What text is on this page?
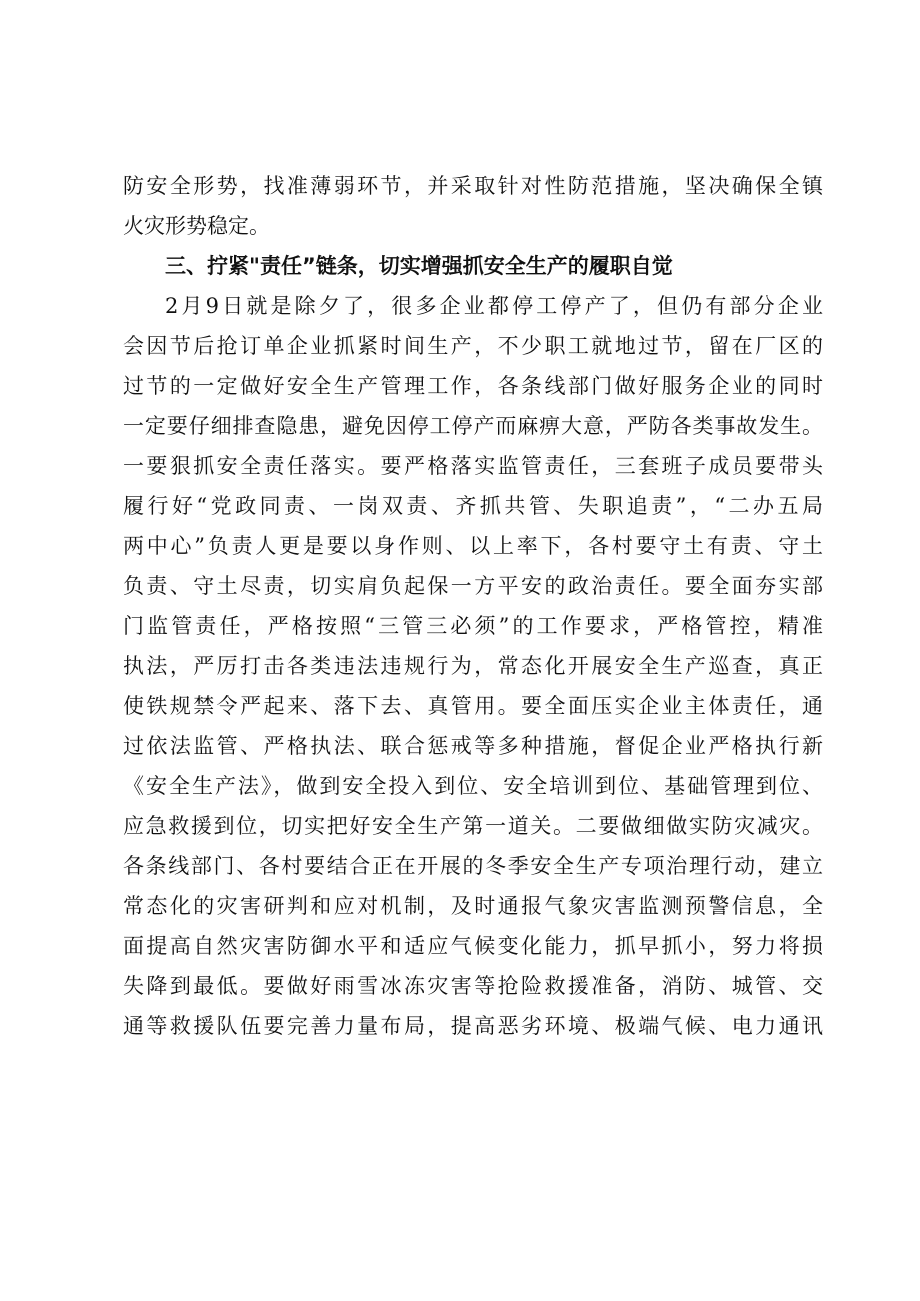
防安全形势，找准薄弱环节，并采取针对性防范措施，坚决确保全镇
火灾形势稳定。
三、拧紧"责任”链条，切实增强抓安全生产的履职自觉
2月9日就是除夕了，很多企业都停工停产了，但仍有部分企业
会因节后抢订单企业抓紧时间生产，不少职工就地过节，留在厂区的
过节的一定做好安全生产管理工作，各条线部门做好服务企业的同时
一定要仔细排查隐患，避免因停工停产而麻痹大意，严防各类事故发生。
一要狠抓安全责任落实。要严格落实监管责任，三套班子成员要带头
履行好“党政同责、一岗双责、齐抓共管、失职追责”，“二办五局
两中心”负责人更是要以身作则、以上率下，各村要守土有责、守土
负责、守土尽责，切实肩负起保一方平安的政治责任。要全面夯实部
门监管责任，严格按照“三管三必须”的工作要求，严格管控，精准
执法，严厉打击各类违法违规行为，常态化开展安全生产巡查，真正
使铁规禁令严起来、落下去、真管用。要全面压实企业主体责任，通
过依法监管、严格执法、联合惩戒等多种措施，督促企业严格执行新
《安全生产法》，做到安全投入到位、安全培训到位、基础管理到位、
应急救援到位，切实把好安全生产第一道关。二要做细做实防灾减灾。
各条线部门、各村要结合正在开展的冬季安全生产专项治理行动，建立
常态化的灾害研判和应对机制，及时通报气象灾害监测预警信息，全
面提高自然灾害防御水平和适应气候变化能力，抓早抓小，努力将损
失降到最低。要做好雨雪冰冻灾害等抢险救援准备，消防、城管、交
通等救援队伍要完善力量布局，提高恶劣环境、极端气候、电力通讯
